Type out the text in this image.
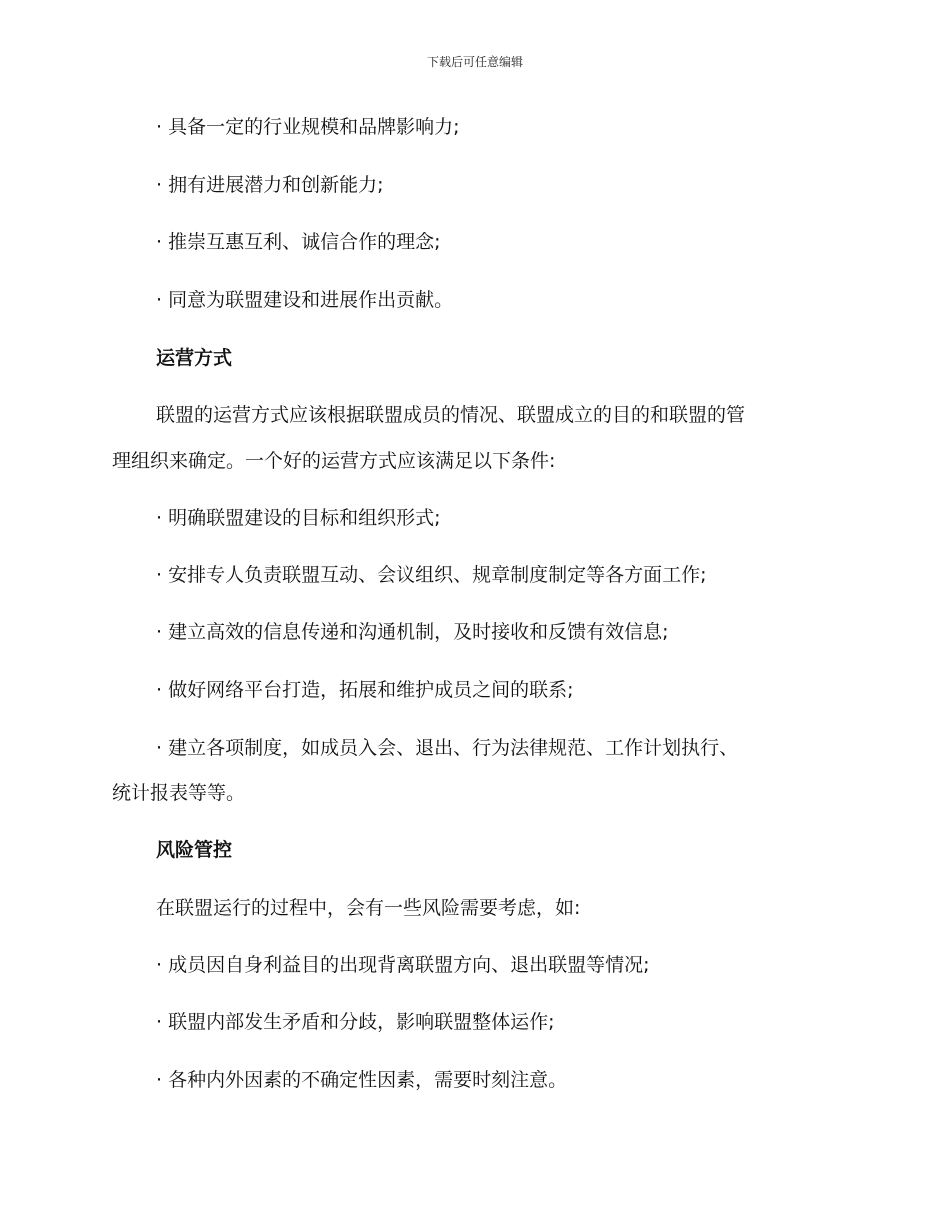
下载后可任意编辑
· 具备一定的行业规模和品牌影响力;
· 拥有进展潜力和创新能力;
· 推崇互惠互利、诚信合作的理念;
· 同意为联盟建设和进展作出贡献。
运营方式
联盟的运营方式应该根据联盟成员的情况、联盟成立的目的和联盟的管
理组织来确定。一个好的运营方式应该满足以下条件:
· 明确联盟建设的目标和组织形式;
· 安排专人负责联盟互动、会议组织、规章制度制定等各方面工作;
· 建立高效的信息传递和沟通机制，及时接收和反馈有效信息;
· 做好网络平台打造，拓展和维护成员之间的联系;
· 建立各项制度，如成员入会、退出、行为法律规范、工作计划执行、
统计报表等等。
风险管控
在联盟运行的过程中，会有一些风险需要考虑，如:
· 成员因自身利益目的出现背离联盟方向、退出联盟等情况;
· 联盟内部发生矛盾和分歧，影响联盟整体运作;
· 各种内外因素的不确定性因素，需要时刻注意。
